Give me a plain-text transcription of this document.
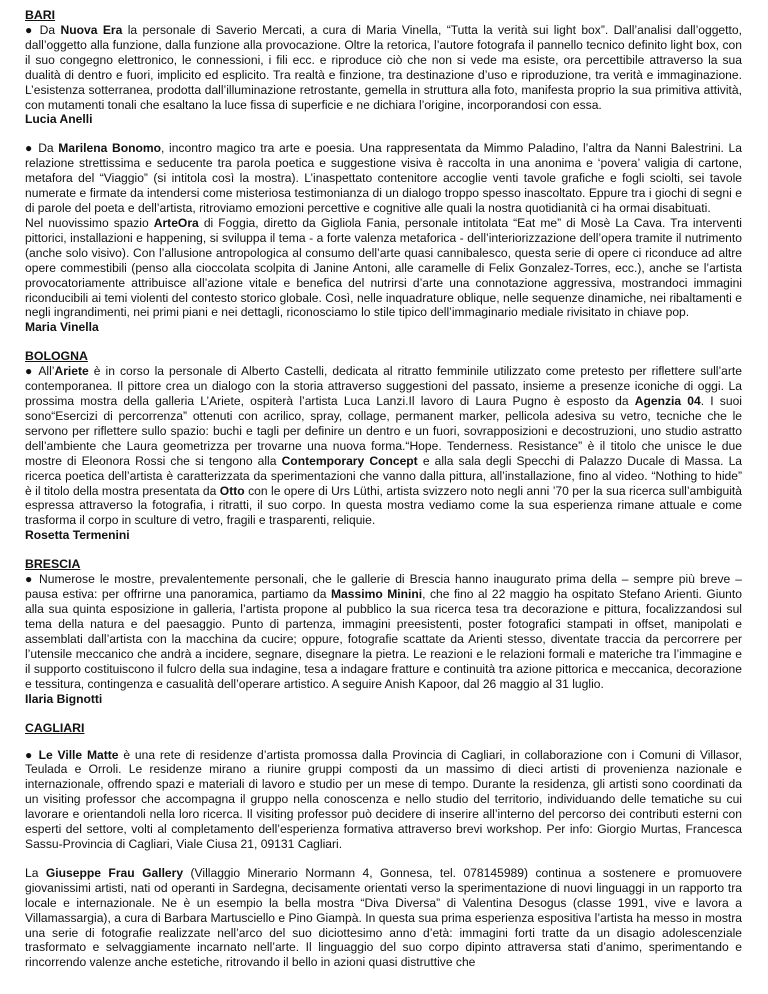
BARI

● Da Nuova Era la personale di Saverio Mercati, a cura di Maria Vinella, “Tutta la verità sui light box”. Dall’analisi dall’oggetto, dall’oggetto alla funzione, dalla funzione alla provocazione. Oltre la retorica, l’autore fotografa il pannello tecnico definito light box, con il suo congegno elettronico, le connessioni, i fili ecc. e riproduce ciò che non si vede ma esiste, ora percettibile attraverso la sua dualità di dentro e fuori, implicito ed esplicito. Tra realtà e finzione, tra destinazione d’uso e riproduzione, tra verità e immaginazione. L’esistenza sotterranea, prodotta dall’illuminazione retrostante, gemella in struttura alla foto, manifesta proprio la sua primitiva attività, con mutamenti tonali che esaltano la luce fissa di superficie e ne dichiara l’origine, incorporandosi con essa.

Lucia Anelli

● Da Marilena Bonomo, incontro magico tra arte e poesia. Una rappresentata da Mimmo Paladino, l’altra da Nanni Balestrini. La relazione strettissima e seducente tra parola poetica e suggestione visiva è raccolta in una anonima e ‘povera’ valigia di cartone, metafora del “Viaggio” (si intitola così la mostra). L’inaspettato contenitore accoglie venti tavole grafiche e fogli sciolti, sei tavole numerate e firmate da intendersi come misteriosa testimonianza di un dialogo troppo spesso inascoltato. Eppure tra i giochi di segni e di parole del poeta e dell’artista, ritroviamo emozioni percettive e cognitive alle quali la nostra quotidianità ci ha ormai disabituati.

Nel nuovissimo spazio ArteOra di Foggia, diretto da Gigliola Fania, personale intitolata “Eat me” di Mosè La Cava. Tra interventi pittorici, installazioni e happening, si sviluppa il tema - a forte valenza metaforica - dell’interiorizzazione dell’opera tramite il nutrimento (anche solo visivo). Con l’allusione antropologica al consumo dell’arte quasi cannibalesco, questa serie di opere ci riconduce ad altre opere commestibili (penso alla cioccolata scolpita di Janine Antoni, alle caramelle di Felix Gonzalez-Torres, ecc.), anche se l’artista provocatoriamente attribuisce all’azione vitale e benefica del nutrirsi d’arte una connotazione aggressiva, mostrandoci immagini riconducibili ai temi violenti del contesto storico globale. Così, nelle inquadrature oblique, nelle sequenze dinamiche, nei ribaltamenti e negli ingrandimenti, nei primi piani e nei dettagli, riconosciamo lo stile tipico dell’immaginario mediale rivisitato in chiave pop.

Maria Vinella
BOLOGNA

● All’Ariete è in corso la personale di Alberto Castelli, dedicata al ritratto femminile utilizzato come pretesto per riflettere sull’arte contemporanea. Il pittore crea un dialogo con la storia attraverso suggestioni del passato, insieme a presenze iconiche di oggi. La prossima mostra della galleria L’Ariete, ospiterà l’artista Luca Lanzi.Il lavoro di Laura Pugno è esposto da Agenzia 04. I suoi sono“Esercizi di percorrenza” ottenuti con acrilico, spray, collage, permanent marker, pellicola adesiva su vetro, tecniche che le servono per riflettere sullo spazio: buchi e tagli per definire un dentro e un fuori, sovrapposizioni e decostruzioni, uno studio astratto dell’ambiente che Laura geometrizza per trovarne una nuova forma.“Hope. Tenderness. Resistance” è il titolo che unisce le due mostre di Eleonora Rossi che si tengono alla Contemporary Concept e alla sala degli Specchi di Palazzo Ducale di Massa. La ricerca poetica dell’artista è caratterizzata da sperimentazioni che vanno dalla pittura, all’installazione, fino al video. “Nothing to hide” è il titolo della mostra presentata da Otto con le opere di Urs Lüthi, artista svizzero noto negli anni ’70 per la sua ricerca sull’ambiguità espressa attraverso la fotografia, i ritratti, il suo corpo. In questa mostra vediamo come la sua esperienza rimane attuale e come trasforma il corpo in sculture di vetro, fragili e trasparenti, reliquie.

Rosetta Termenini
BRESCIA

● Numerose le mostre, prevalentemente personali, che le gallerie di Brescia hanno inaugurato prima della – sempre più breve – pausa estiva: per offrirne una panoramica, partiamo da Massimo Minini, che fino al 22 maggio ha ospitato Stefano Arienti. Giunto alla sua quinta esposizione in galleria, l’artista propone al pubblico la sua ricerca tesa tra decorazione e pittura, focalizzandosi sul tema della natura e del paesaggio. Punto di partenza, immagini preesistenti, poster fotografici stampati in offset, manipolati e assemblati dall’artista con la macchina da cucire; oppure, fotografie scattate da Arienti stesso, diventate traccia da percorrere per l’utensile meccanico che andrà a incidere, segnare, disegnare la pietra. Le reazioni e le relazioni formali e materiche tra l’immagine e il supporto costituiscono il fulcro della sua indagine, tesa a indagare fratture e continuità tra azione pittorica e meccanica, decorazione e tessitura, contingenza e casualità dell’operare artistico. A seguire Anish Kapoor, dal 26 maggio al 31 luglio.

Ilaria Bignotti
CAGLIARI

● Le Ville Matte è una rete di residenze d’artista promossa dalla Provincia di Cagliari, in collaborazione con i Comuni di Villasor, Teulada e Orroli. Le residenze mirano a riunire gruppi composti da un massimo di dieci artisti di provenienza nazionale e internazionale, offrendo spazi e materiali di lavoro e studio per un mese di tempo. Durante la residenza, gli artisti sono coordinati da un visiting professor che accompagna il gruppo nella conoscenza e nello studio del territorio, individuando delle tematiche su cui lavorare e orientandoli nella loro ricerca. Il visiting professor può decidere di inserire all’interno del percorso dei contributi esterni con esperti del settore, volti al completamento dell’esperienza formativa attraverso brevi workshop. Per info: Giorgio Murtas, Francesca Sassu-Provincia di Cagliari, Viale Ciusa 21, 09131 Cagliari.

La Giuseppe Frau Gallery (Villaggio Minerario Normann 4, Gonnesa, tel. 078145989) continua a sostenere e promuovere giovanissimi artisti, nati od operanti in Sardegna, decisamente orientati verso la sperimentazione di nuovi linguaggi in un rapporto tra locale e internazionale. Ne è un esempio la bella mostra “Diva Diversa” di Valentina Desogus (classe 1991, vive e lavora a Villamassargia), a cura di Barbara Martusciello e Pino Giampà. In questa sua prima esperienza espositiva l’artista ha messo in mostra una serie di fotografie realizzate nell’arco del suo diciottesimo anno d’età: immagini forti tratte da un disagio adolescenziale trasformato e selvaggiamente incarnato nell’arte. Il linguaggio del suo corpo dipinto attraversa stati d’animo, sperimentando e rincorrendo valenze anche estetiche, ritrovando il bello in azioni quasi distruttive che
